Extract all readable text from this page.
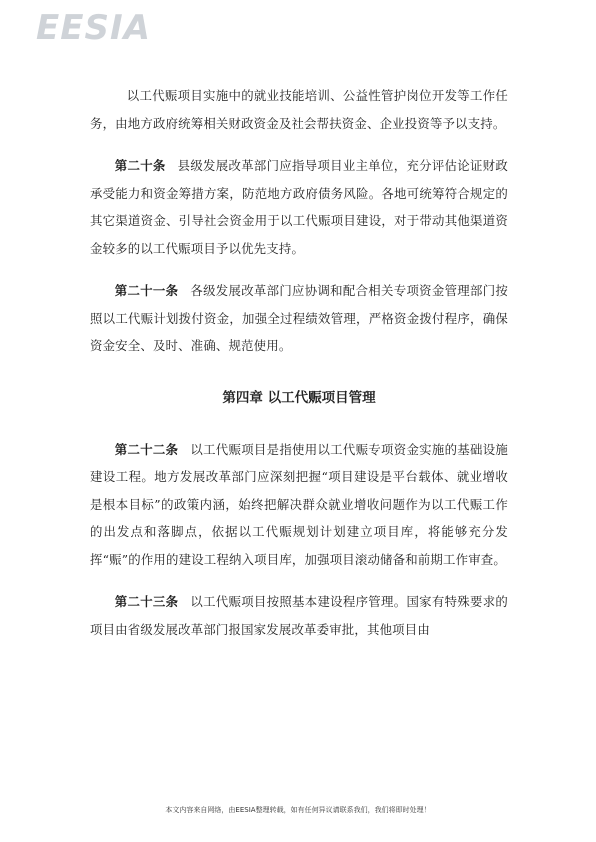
EESIA

以工代赈项目实施中的就业技能培训、公益性管护岗位开发等工作任务，由地方政府统筹相关财政资金及社会帮扶资金、企业投资等予以支持。

第二十条 县级发展改革部门应指导项目业主单位，充分评估论证财政承受能力和资金筹措方案，防范地方政府债务风险。各地可统筹符合规定的其它渠道资金、引导社会资金用于以工代赈项目建设，对于带动其他渠道资金较多的以工代赈项目予以优先支持。

第二十一条 各级发展改革部门应协调和配合相关专项资金管理部门按照以工代赈计划拨付资金，加强全过程绩效管理，严格资金拨付程序，确保资金安全、及时、准确、规范使用。

第四章 以工代赈项目管理

第二十二条 以工代赈项目是指使用以工代赈专项资金实施的基础设施建设工程。地方发展改革部门应深刻把握“项目建设是平台载体、就业增收是根本目标”的政策内涵，始终把解决群众就业增收问题作为以工代赈工作的出发点和落脚点，依据以工代赈规划计划建立项目库，将能够充分发挥“赈”的作用的建设工程纳入项目库，加强项目滚动储备和前期工作审查。

第二十三条 以工代赈项目按照基本建设程序管理。国家有特殊要求的项目由省级发展改革部门报国家发展改革委审批，其他项目由

本文内容来自网络，由EESIA整理转载，如有任何异议请联系我们，我们将即时处理！
